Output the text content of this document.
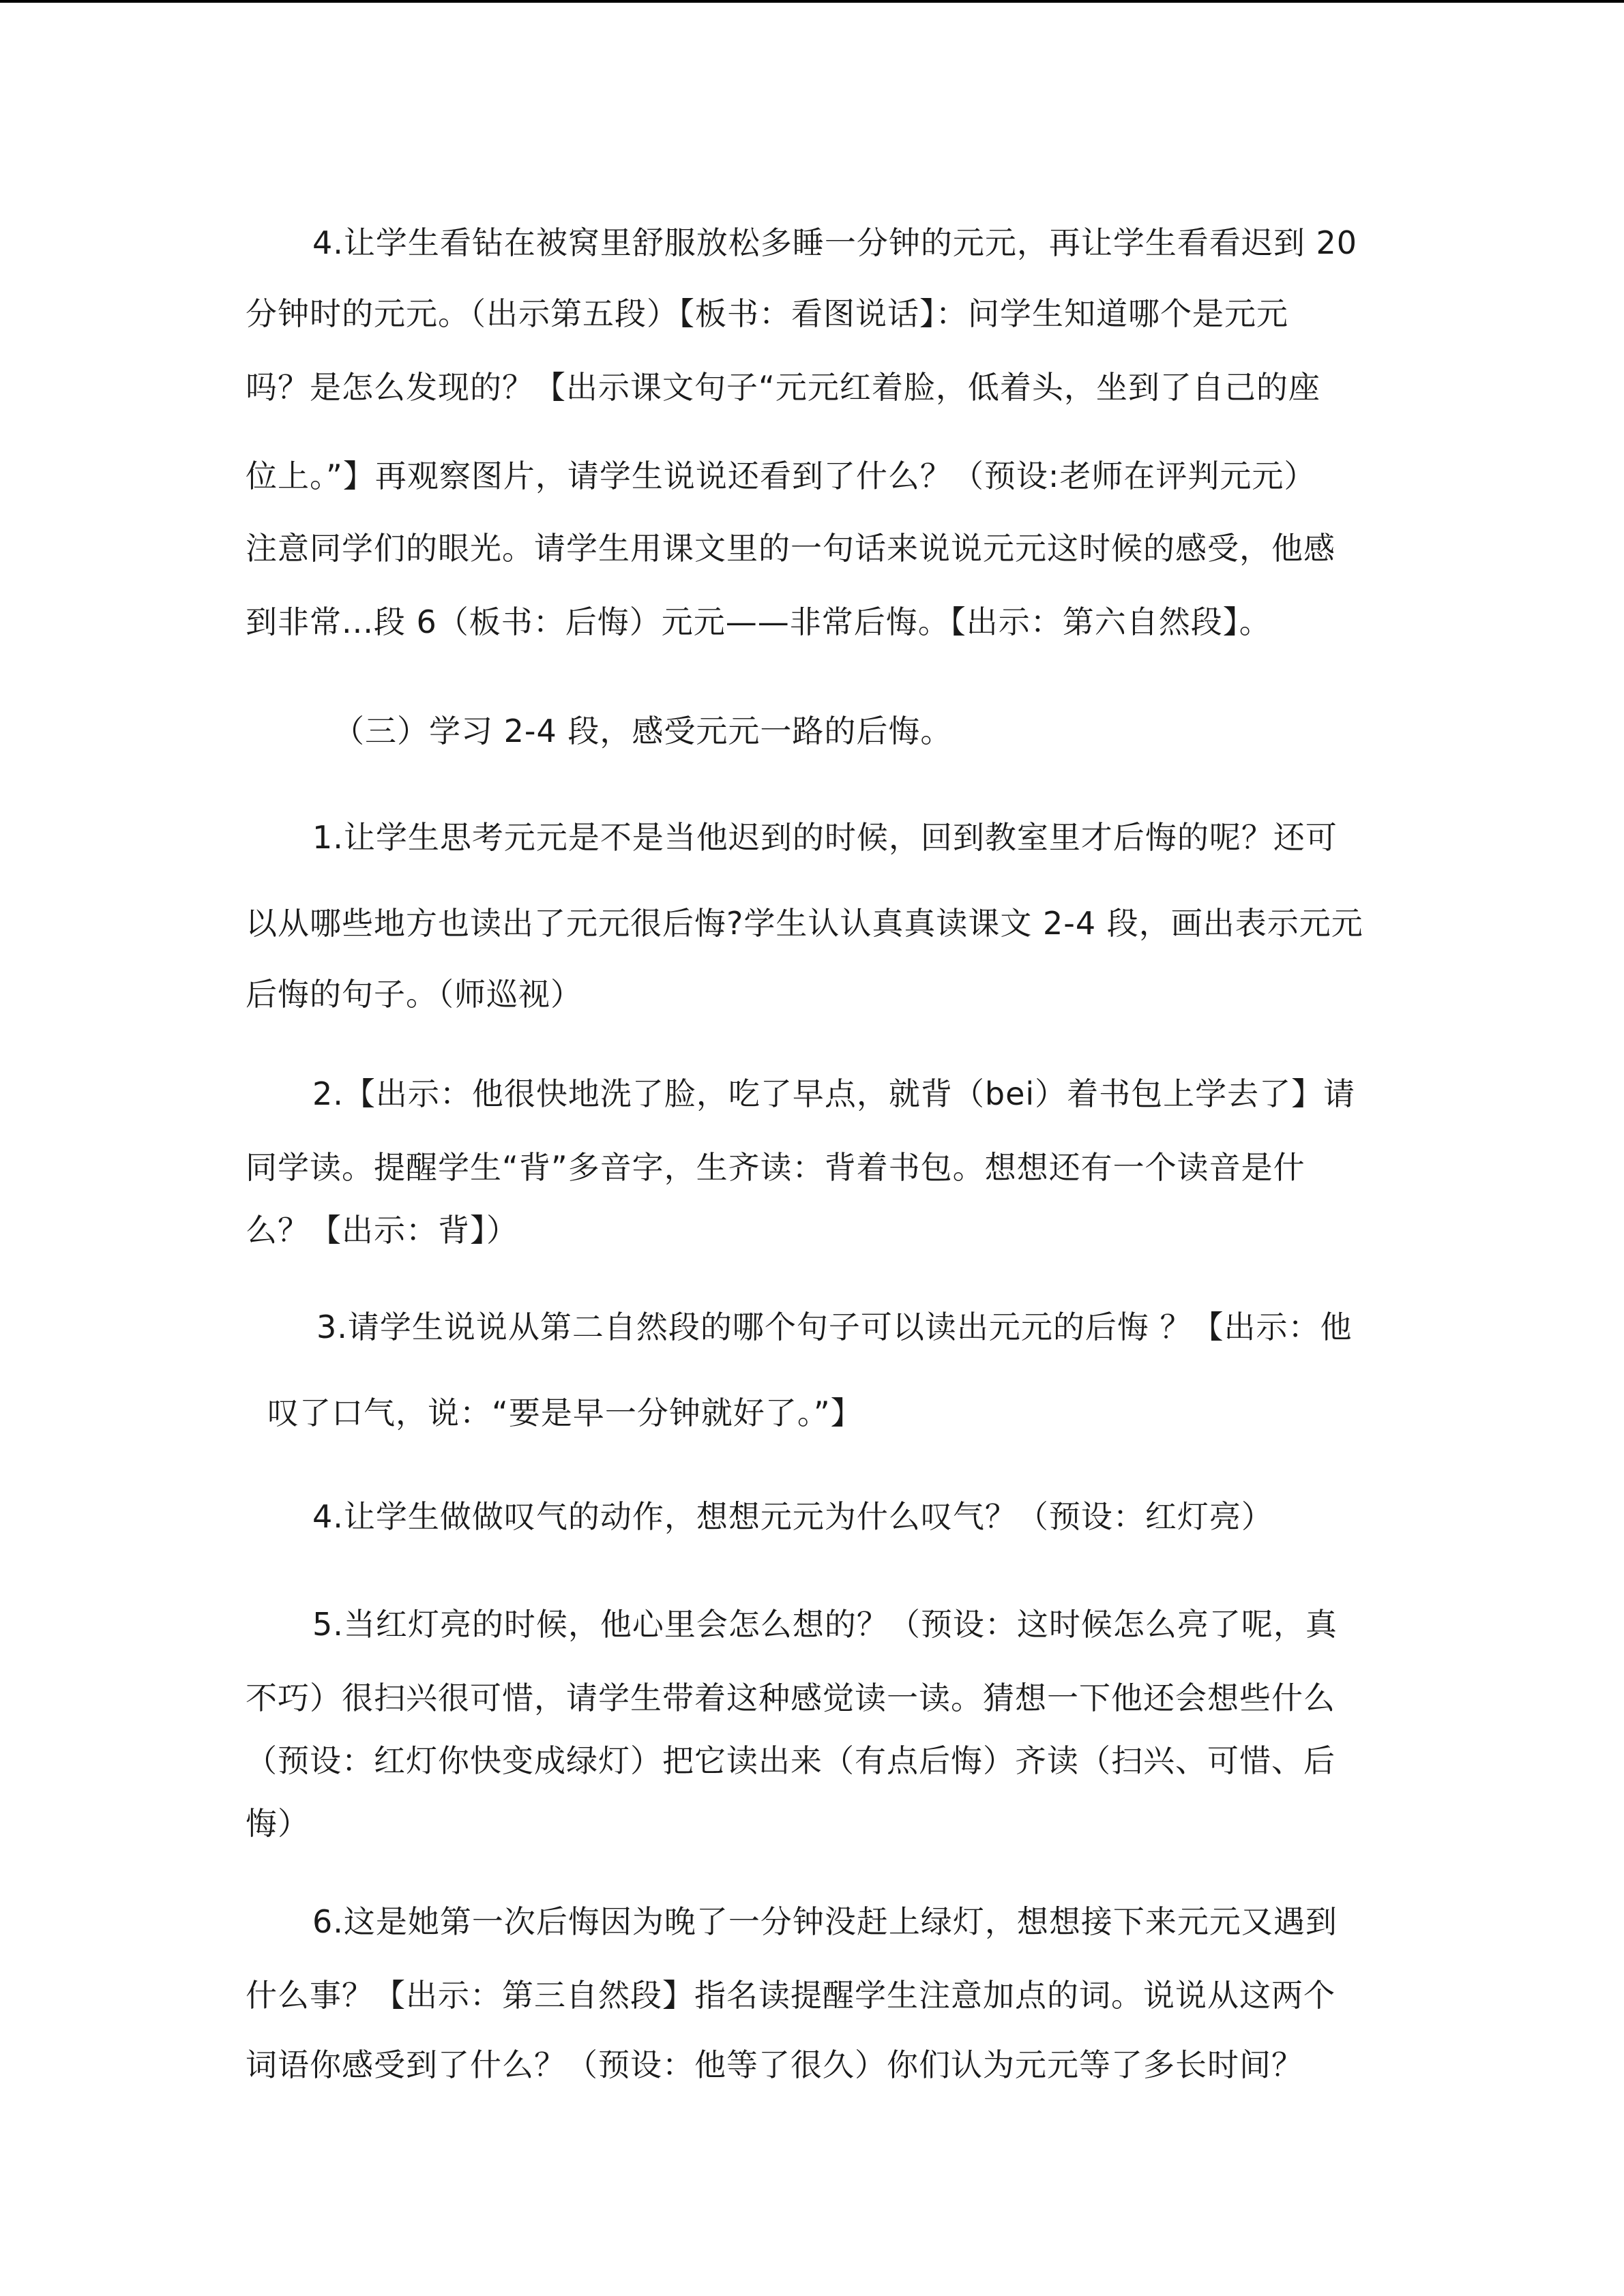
4.让学生看钻在被窝里舒服放松多睡一分钟的元元，再让学生看看迟到 20
分钟时的元元。（出示第五段）【板书：看图说话】：问学生知道哪个是元元
吗？是怎么发现的？【出示课文句子“元元红着脸，低着头，坐到了自己的座
位上。”】再观察图片，请学生说说还看到了什么？（预设:老师在评判元元）
注意同学们的眼光。请学生用课文里的一句话来说说元元这时候的感受，他感
到非常...段 6（板书：后悔）元元——非常后悔。【出示：第六自然段】。
（三）学习 2-4 段，感受元元一路的后悔。
1.让学生思考元元是不是当他迟到的时候，回到教室里才后悔的呢？还可
以从哪些地方也读出了元元很后悔?学生认认真真读课文 2-4 段，画出表示元元
后悔的句子。（师巡视）
2.【出示：他很快地洗了脸，吃了早点，就背（bei）着书包上学去了】请
同学读。提醒学生“背”多音字，生齐读：背着书包。想想还有一个读音是什
么？【出示：背】）
3.请学生说说从第二自然段的哪个句子可以读出元元的后悔 ？【出示：他
叹了口气，说：“要是早一分钟就好了。”】
4.让学生做做叹气的动作，想想元元为什么叹气？（预设：红灯亮）
5.当红灯亮的时候，他心里会怎么想的？（预设：这时候怎么亮了呢，真
不巧）很扫兴很可惜，请学生带着这种感觉读一读。猜想一下他还会想些什么
（预设：红灯你快变成绿灯）把它读出来（有点后悔）齐读（扫兴、可惜、后
悔）
6.这是她第一次后悔因为晚了一分钟没赶上绿灯，想想接下来元元又遇到
什么事？【出示：第三自然段】指名读提醒学生注意加点的词。说说从这两个
词语你感受到了什么？（预设：他等了很久）你们认为元元等了多长时间？
